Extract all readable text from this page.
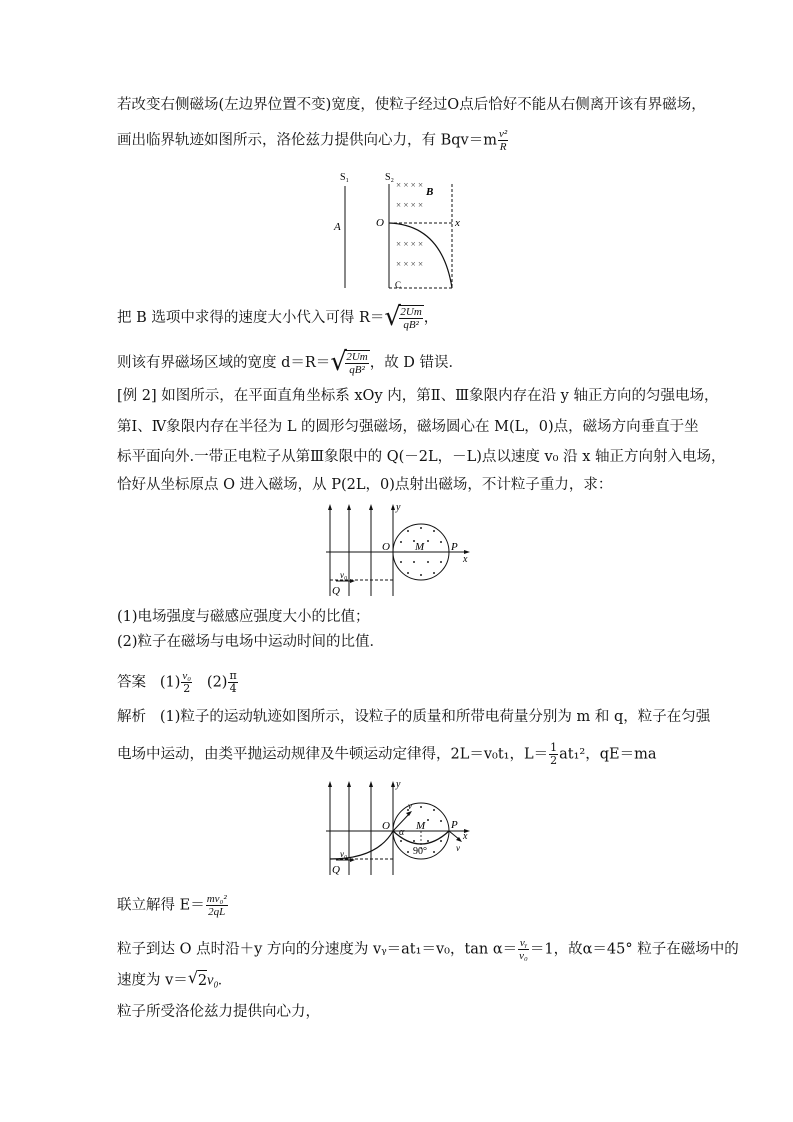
若改变右侧磁场(左边界位置不变)宽度，使粒子经过O点后恰好不能从右侧离开该有界磁场，
画出临界轨迹如图所示，洛伦兹力提供向心力，有 $Bqv=m \frac{\text{v²}}{R}$
S₁
A
S₂
O	x
B
C
× × × ×
× × × ×
× × × ×
× × × ×
把 B 选项中求得的速度大小代入可得 R＝ √
$\frac{2Um}{\text{qB²}}$ ，
则该有界磁场区域的宽度 d＝R＝ √
$\frac{2Um}{\text{qB²}}$ ，故 D 错误．
[例 2] 如图所示，在平面直角坐标系 xOy 内，第Ⅱ、Ⅲ象限内存在沿 y 轴正方向的匀强电场，
第Ⅰ、Ⅳ象限内存在半径为 L 的圆形匀强磁场，磁场圆心在 M(L，0)点，磁场方向垂直于坐
标平面向外.一带正电粒子从第Ⅲ象限中的 Q(－2L，－L)点以速度 v₀ 沿 x 轴正方向射入电场，
恰好从坐标原点 O 进入磁场，从 P(2L，0)点射出磁场，不计粒子重力，求：
y
x
O M P
v₀
Q
(1)电场强度与磁感应强度大小的比值；
(2)粒子在磁场与电场中运动时间的比值．
答案 $(1) \frac{\text{v₀}}{2} (2) \frac{\pi}{4}$
解析 (1)粒子的运动轨迹如图所示，设粒子的质量和所带电荷量分别为 m 和 q，粒子在匀强
电场中运动，由类平抛运动规律及牛顿运动定律得，2L＝v₀t₁，$L= \frac{1}{2} at_1^2$，qE＝ma
y
x
O M P
α
90°
v
v
v₀
Q
联立解得 $E= \frac{\text{mv₀²}}{2qL}$
粒子到达 O 点时沿＋y 方向的分速度为 vᵧ＝at₁＝v₀，$\tan \alpha= \frac{\text{vᵧ}}{\text{v₀}} =1$，故α＝45° 粒子在磁场中的
速度为 v＝ √ 2v₀.
粒子所受洛伦兹力提供向心力，
